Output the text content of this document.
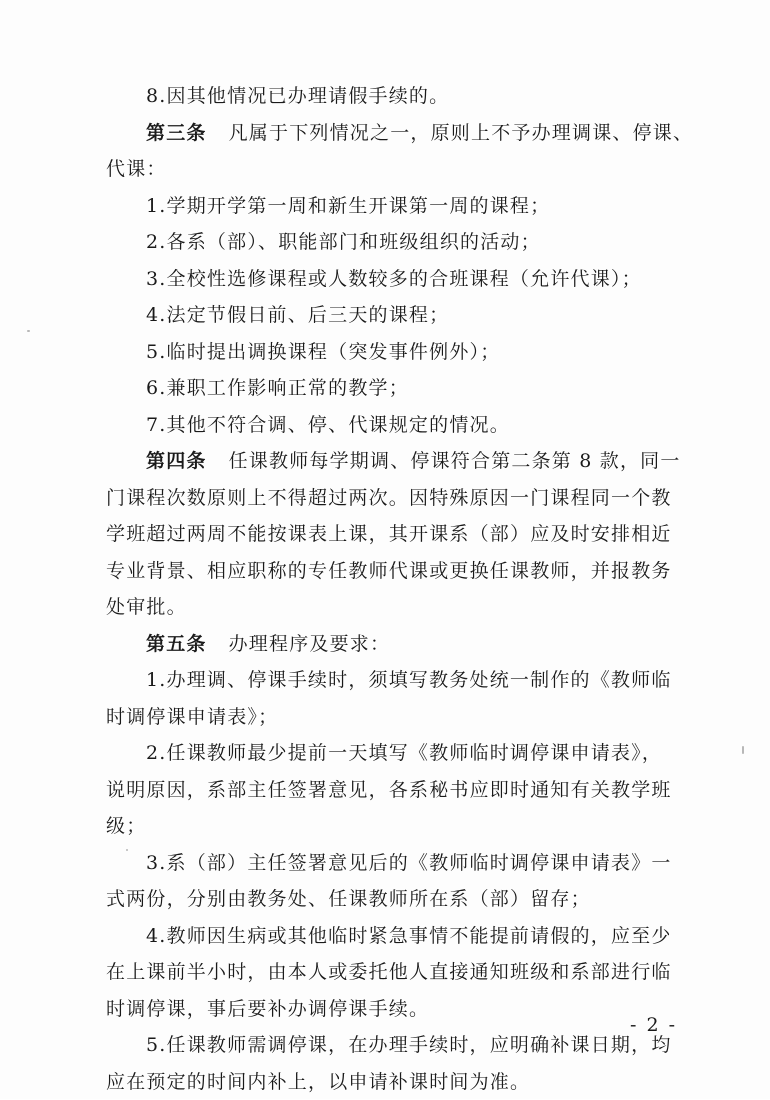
8.因其他情况已办理请假手续的。
第三条 凡属于下列情况之一，原则上不予办理调课、停课、
代课：
1.学期开学第一周和新生开课第一周的课程；
2.各系（部）、职能部门和班级组织的活动；
3.全校性选修课程或人数较多的合班课程（允许代课）；
4.法定节假日前、后三天的课程；
5.临时提出调换课程（突发事件例外）；
6.兼职工作影响正常的教学；
7.其他不符合调、停、代课规定的情况。
第四条 任课教师每学期调、停课符合第二条第 8 款，同一
门课程次数原则上不得超过两次。因特殊原因一门课程同一个教
学班超过两周不能按课表上课，其开课系（部）应及时安排相近
专业背景、相应职称的专任教师代课或更换任课教师，并报教务
处审批。
第五条 办理程序及要求：
1.办理调、停课手续时，须填写教务处统一制作的《教师临
时调停课申请表》；
2.任课教师最少提前一天填写《教师临时调停课申请表》，
说明原因，系部主任签署意见，各系秘书应即时通知有关教学班
级；
3.系（部）主任签署意见后的《教师临时调停课申请表》一
式两份，分别由教务处、任课教师所在系（部）留存；
4.教师因生病或其他临时紧急事情不能提前请假的，应至少
在上课前半小时，由本人或委托他人直接通知班级和系部进行临
时调停课，事后要补办调停课手续。
5.任课教师需调停课，在办理手续时，应明确补课日期，均
应在预定的时间内补上，以申请补课时间为准。
- 2 -
